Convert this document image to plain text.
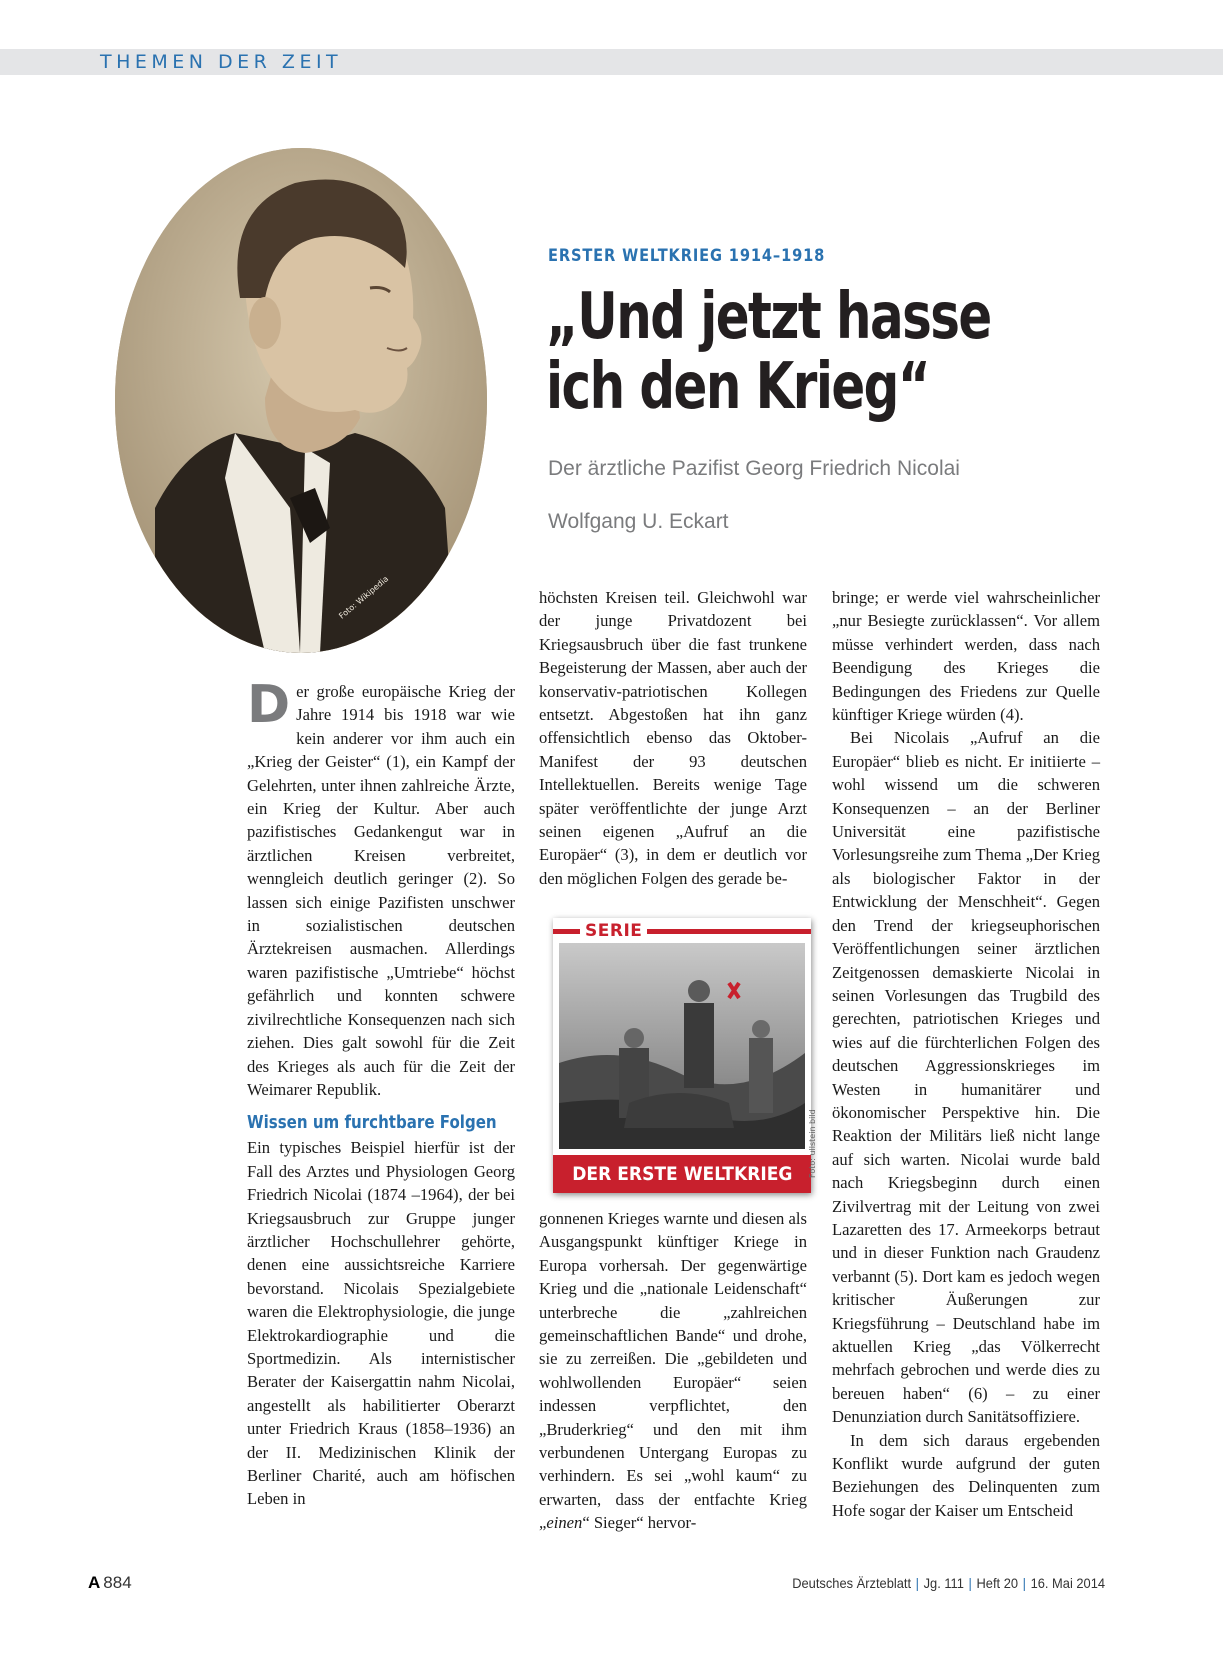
THEMEN DER ZEIT
Foto: Wikipedia
ERSTER WELTKRIEG 1914–1918
„Und jetzt hasse
ich den Krieg“
Der ärztliche Pazifist Georg Friedrich Nicolai
Wolfgang U. Eckart

Der große europäische Krieg der Jahre 1914 bis 1918 war wie kein anderer vor ihm auch ein „Krieg der Geister“ (1), ein Kampf der Gelehrten, unter ihnen zahlreiche Ärzte, ein Krieg der Kultur. Aber auch pazifistisches Gedankengut war in ärztlichen Kreisen verbreitet, wenngleich deutlich geringer (2). So lassen sich einige Pazifisten unschwer in sozialistischen deutschen Ärztekreisen ausmachen. Allerdings waren pazifistische „Umtriebe“ höchst gefährlich und konnten schwere zivilrechtliche Konsequenzen nach sich ziehen. Dies galt sowohl für die Zeit des Krieges als auch für die Zeit der Weimarer Republik.

Wissen um furchtbare Folgen

Ein typisches Beispiel hierfür ist der Fall des Arztes und Physiologen Georg Friedrich Nicolai (1874 –1964), der bei Kriegsausbruch zur Gruppe junger ärztlicher Hochschullehrer gehörte, denen eine aussichtsreiche Karriere bevorstand. Nicolais Spezialgebiete waren die Elektrophysiologie, die junge Elektrokardiographie und die Sportmedizin. Als internistischer Berater der Kaisergattin nahm Nicolai, angestellt als habilitierter Oberarzt unter Friedrich Kraus (1858–1936) an der II. Medizinischen Klinik der Berliner Charité, auch am höfischen Leben in

höchsten Kreisen teil. Gleichwohl war der junge Privatdozent bei Kriegsausbruch über die fast trunkene Begeisterung der Massen, aber auch der konservativ-patriotischen Kollegen entsetzt. Abgestoßen hat ihn ganz offensichtlich ebenso das Oktober-Manifest der 93 deutschen Intellektuellen. Bereits wenige Tage später veröffentlichte der junge Arzt seinen eigenen „Aufruf an die Europäer“ (3), in dem er deutlich vor den möglichen Folgen des gerade be-

SERIE
DER ERSTE WELTKRIEG	Foto: ullstein bild

gonnenen Krieges warnte und diesen als Ausgangspunkt künftiger Kriege in Europa vorhersah. Der gegenwärtige Krieg und die „nationale Leidenschaft“ unterbreche die „zahlreichen gemeinschaftlichen Bande“ und drohe, sie zu zerreißen. Die „gebildeten und wohlwollenden Europäer“ seien indessen verpflichtet, den „Bruderkrieg“ und den mit ihm verbundenen Untergang Europas zu verhindern. Es sei „wohl kaum“ zu erwarten, dass der entfachte Krieg „einen“ Sieger“ hervor-

bringe; er werde viel wahrscheinlicher „nur Besiegte zurücklassen“. Vor allem müsse verhindert werden, dass nach Beendigung des Krieges die Bedingungen des Friedens zur Quelle künftiger Kriege würden (4).

Bei Nicolais „Aufruf an die Europäer“ blieb es nicht. Er initiierte – wohl wissend um die schweren Konsequenzen – an der Berliner Universität eine pazifistische Vorlesungsreihe zum Thema „Der Krieg als biologischer Faktor in der Entwicklung der Menschheit“. Gegen den Trend der kriegseuphorischen Veröffentlichungen seiner ärztlichen Zeitgenossen demaskierte Nicolai in seinen Vorlesungen das Trugbild des gerechten, patriotischen Krieges und wies auf die fürchterlichen Folgen des deutschen Aggressionskrieges im Westen in humanitärer und ökonomischer Perspektive hin. Die Reaktion der Militärs ließ nicht lange auf sich warten. Nicolai wurde bald nach Kriegsbeginn durch einen Zivilvertrag mit der Leitung von zwei Lazaretten des 17. Armeekorps betraut und in dieser Funktion nach Graudenz verbannt (5). Dort kam es jedoch wegen kritischer Äußerungen zur Kriegsführung – Deutschland habe im aktuellen Krieg „das Völkerrecht mehrfach gebrochen und werde dies zu bereuen haben“ (6) – zu einer Denunziation durch Sanitätsoffiziere.

In dem sich daraus ergebenden Konflikt wurde aufgrund der guten Beziehungen des Delinquenten zum Hofe sogar der Kaiser um Entscheid

A 884	Deutsches Ärzteblatt | Jg. 111 | Heft 20 | 16. Mai 2014
